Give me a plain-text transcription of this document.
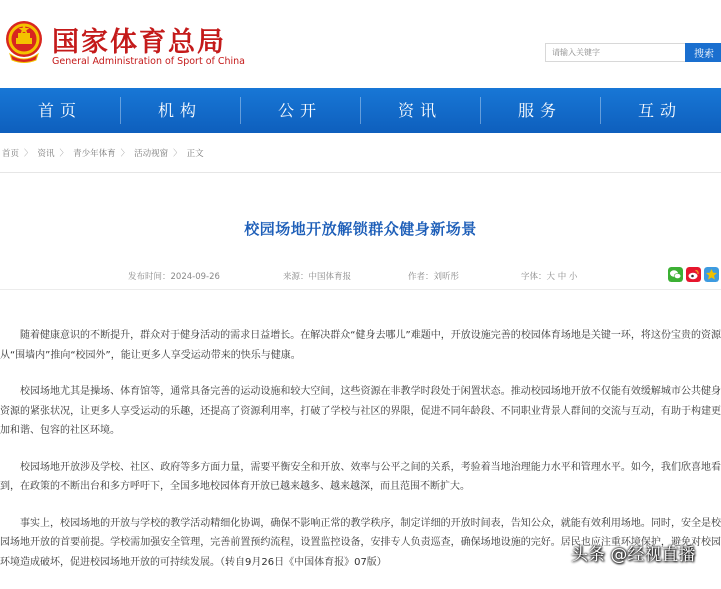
国家体育总局
General Administration of Sport of China
请输入关键字
搜索
首页	机构	公开	资讯	服务	互动
首页 〉 资讯 〉 青少年体育 〉 活动视窗 〉 正文
校园场地开放解锁群众健身新场景
发布时间：2024-09-26	来源：中国体育报	作者：刘昕彤	字体：大 中 小

随着健康意识的不断提升，群众对于健身活动的需求日益增长。在解决群众“健身去哪儿”难题中，开放设施完善的校园体育场地是关键一环，将这份宝贵的资源从“围墙内”推向“校园外”，能让更多人享受运动带来的快乐与健康。

校园场地尤其是操场、体育馆等，通常具备完善的运动设施和较大空间，这些资源在非教学时段处于闲置状态。推动校园场地开放不仅能有效缓解城市公共健身资源的紧张状况，让更多人享受运动的乐趣，还提高了资源利用率，打破了学校与社区的界限，促进不同年龄段、不同职业背景人群间的交流与互动，有助于构建更加和谐、包容的社区环境。

校园场地开放涉及学校、社区、政府等多方面力量，需要平衡安全和开放、效率与公平之间的关系，考验着当地治理能力水平和管理水平。如今，我们欣喜地看到，在政策的不断出台和多方呼吁下，全国多地校园体育开放已越来越多、越来越深，而且范围不断扩大。

事实上，校园场地的开放与学校的教学活动精细化协调，确保不影响正常的教学秩序，制定详细的开放时间表，告知公众，就能有效利用场地。同时，安全是校园场地开放的首要前提。学校需加强安全管理，完善前置预约流程，设置监控设备，安排专人负责巡查，确保场地设施的完好。居民也应注重环境保护，避免对校园环境造成破坏，促进校园场地开放的可持续发展。（转自9月26日《中国体育报》07版）	头条 @经视直播
